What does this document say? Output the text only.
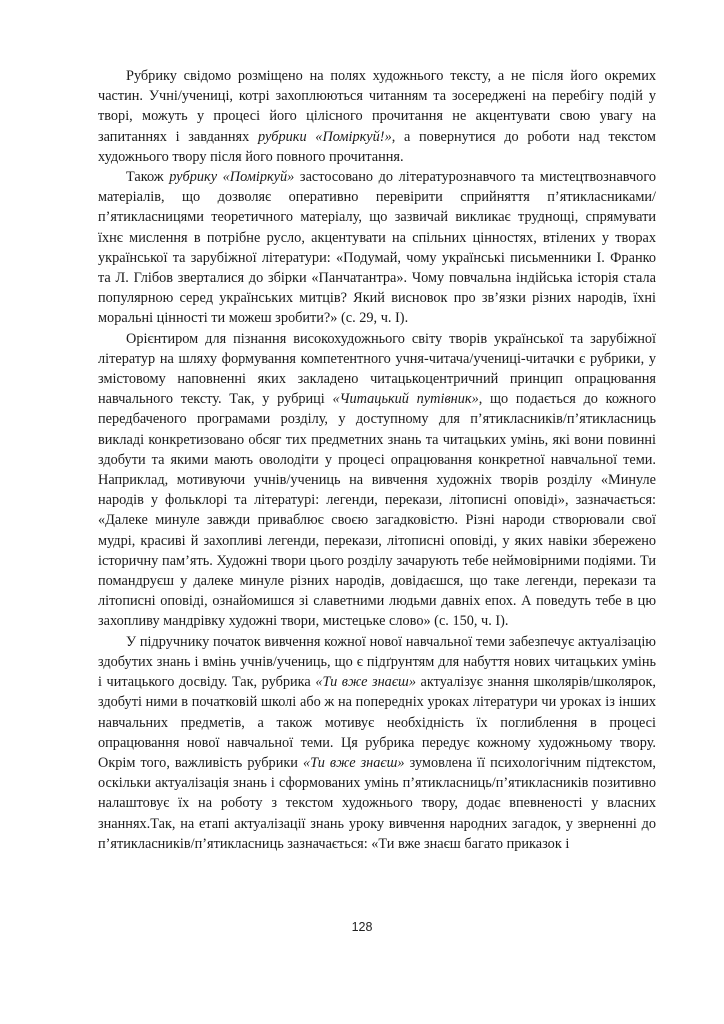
Рубрику свідомо розміщено на полях художнього тексту, а не після його окремих частин. Учні/учениці, котрі захоплюються читанням та зосереджені на перебігу подій у творі, можуть у процесі його цілісного прочитання не акцентувати свою увагу на запитаннях і завданнях рубрики «Поміркуй!», а повернутися до роботи над текстом художнього твору після його повного прочитання.

Також рубрику «Поміркуй» застосовано до літературознавчого та мистецтвознавчого матеріалів, що дозволяє оперативно перевірити сприйняття п’ятикласниками/п’ятикласницями теоретичного матеріалу, що зазвичай викликає труднощі, спрямувати їхнє мислення в потрібне русло, акцентувати на спільних цінностях, втілених у творах української та зарубіжної літератури: «Подумай, чому українські письменники І. Франко та Л. Глібов зверталися до збірки «Панчатантра». Чому повчальна індійська історія стала популярною серед українських митців? Який висновок про зв’язки різних народів, їхні моральні цінності ти можеш зробити?» (с. 29, ч. І).

Орієнтиром для пізнання високохудожнього світу творів української та зарубіжної літератур на шляху формування компетентного учня-читача/учениці-читачки є рубрики, у змістовому наповненні яких закладено читацькоцентричний принцип опрацювання навчального тексту. Так, у рубриці «Читацький путівник», що подається до кожного передбаченого програмами розділу, у доступному для п’ятикласників/п’ятикласниць викладі конкретизовано обсяг тих предметних знань та читацьких умінь, які вони повинні здобути та якими мають оволодіти у процесі опрацювання конкретної навчальної теми. Наприклад, мотивуючи учнів/учениць на вивчення художніх творів розділу «Минуле народів у фольклорі та літературі: легенди, перекази, літописні оповіді», зазначається: «Далеке минуле завжди приваблює своєю загадковістю. Різні народи створювали свої мудрі, красиві й захопливі легенди, перекази, літописні оповіді, у яких навіки збережено історичну пам’ять. Художні твори цього розділу зачарують тебе неймовірними подіями. Ти помандруєш у далеке минуле різних народів, довідаєшся, що таке легенди, перекази та літописні оповіді, ознайомишся зі славетними людьми давніх епох. А поведуть тебе в цю захопливу мандрівку художні твори, мистецьке слово» (с. 150, ч. І).

У підручнику початок вивчення кожної нової навчальної теми забезпечує актуалізацію здобутих знань і вмінь учнів/учениць, що є підґрунтям для набуття нових читацьких умінь і читацького досвіду. Так, рубрика «Ти вже знаєш» актуалізує знання школярів/школярок, здобуті ними в початковій школі або ж на попередніх уроках літератури чи уроках із інших навчальних предметів, а також мотивує необхідність їх поглиблення в процесі опрацювання нової навчальної теми. Ця рубрика передує кожному художньому твору. Окрім того, важливість рубрики «Ти вже знаєш» зумовлена її психологічним підтекстом, оскільки актуалізація знань і сформованих умінь п’ятикласниць/п’ятикласників позитивно налаштовує їх на роботу з текстом художнього твору, додає впевненості у власних знаннях.Так, на етапі актуалізації знань уроку вивчення народних загадок, у зверненні до п’ятикласників/п’ятикласниць зазначається: «Ти вже знаєш багато приказок і

128
